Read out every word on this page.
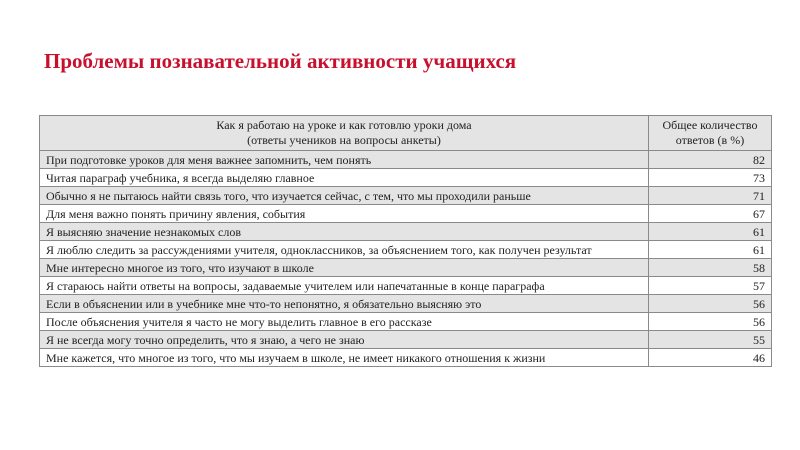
Проблемы познавательной активности учащихся
Как я работаю на уроке и как готовлю уроки дома
(ответы учеников на вопросы анкеты)	Общее количество
ответов (в %)

При подготовке уроков для меня важнее запомнить, чем понять	82
Читая параграф учебника, я всегда выделяю главное	73
Обычно я не пытаюсь найти связь того, что изучается сейчас, с тем, что мы проходили раньше	71
Для меня важно понять причину явления, события	67
Я выясняю значение незнакомых слов	61
Я люблю следить за рассуждениями учителя, одноклассников, за объяснением того, как получен результат	61
Мне интересно многое из того, что изучают в школе	58
Я стараюсь найти ответы на вопросы, задаваемые учителем или напечатанные в конце параграфа	57
Если в объяснении или в учебнике мне что-то непонятно, я обязательно выясняю это	56
После объяснения учителя я часто не могу выделить главное в его рассказе	56
Я не всегда могу точно определить, что я знаю, а чего не знаю	55
Мне кажется, что многое из того, что мы изучаем в школе, не имеет никакого отношения к жизни	46
